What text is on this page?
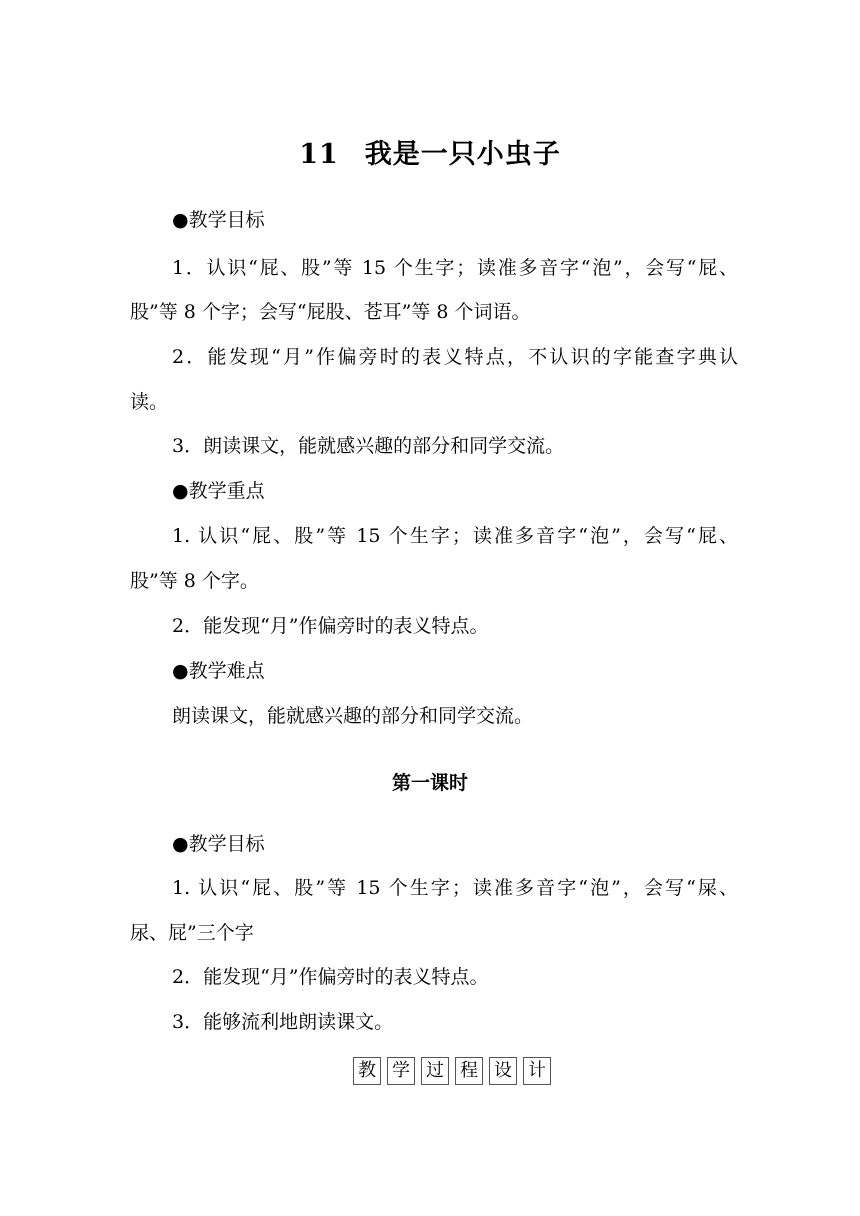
11 我是一只小虫子
●教学目标
1．认识“屁、股”等 15 个生字；读准多音字“泡”，会写“屁、
股”等 8 个字；会写“屁股、苍耳”等 8 个词语。
2．能发现“月”作偏旁时的表义特点，不认识的字能查字典认
读。
3．朗读课文，能就感兴趣的部分和同学交流。
●教学重点
1. 认识“屁、股”等 15 个生字；读准多音字“泡”，会写“屁、
股”等 8 个字。
2．能发现“月”作偏旁时的表义特点。
●教学难点
朗读课文，能就感兴趣的部分和同学交流。
第一课时
●教学目标
1. 认识“屁、股”等 15 个生字；读准多音字“泡”，会写“屎、
尿、屁”三个字
2．能发现“月”作偏旁时的表义特点。
3．能够流利地朗读课文。
教 学 过 程 设 计
